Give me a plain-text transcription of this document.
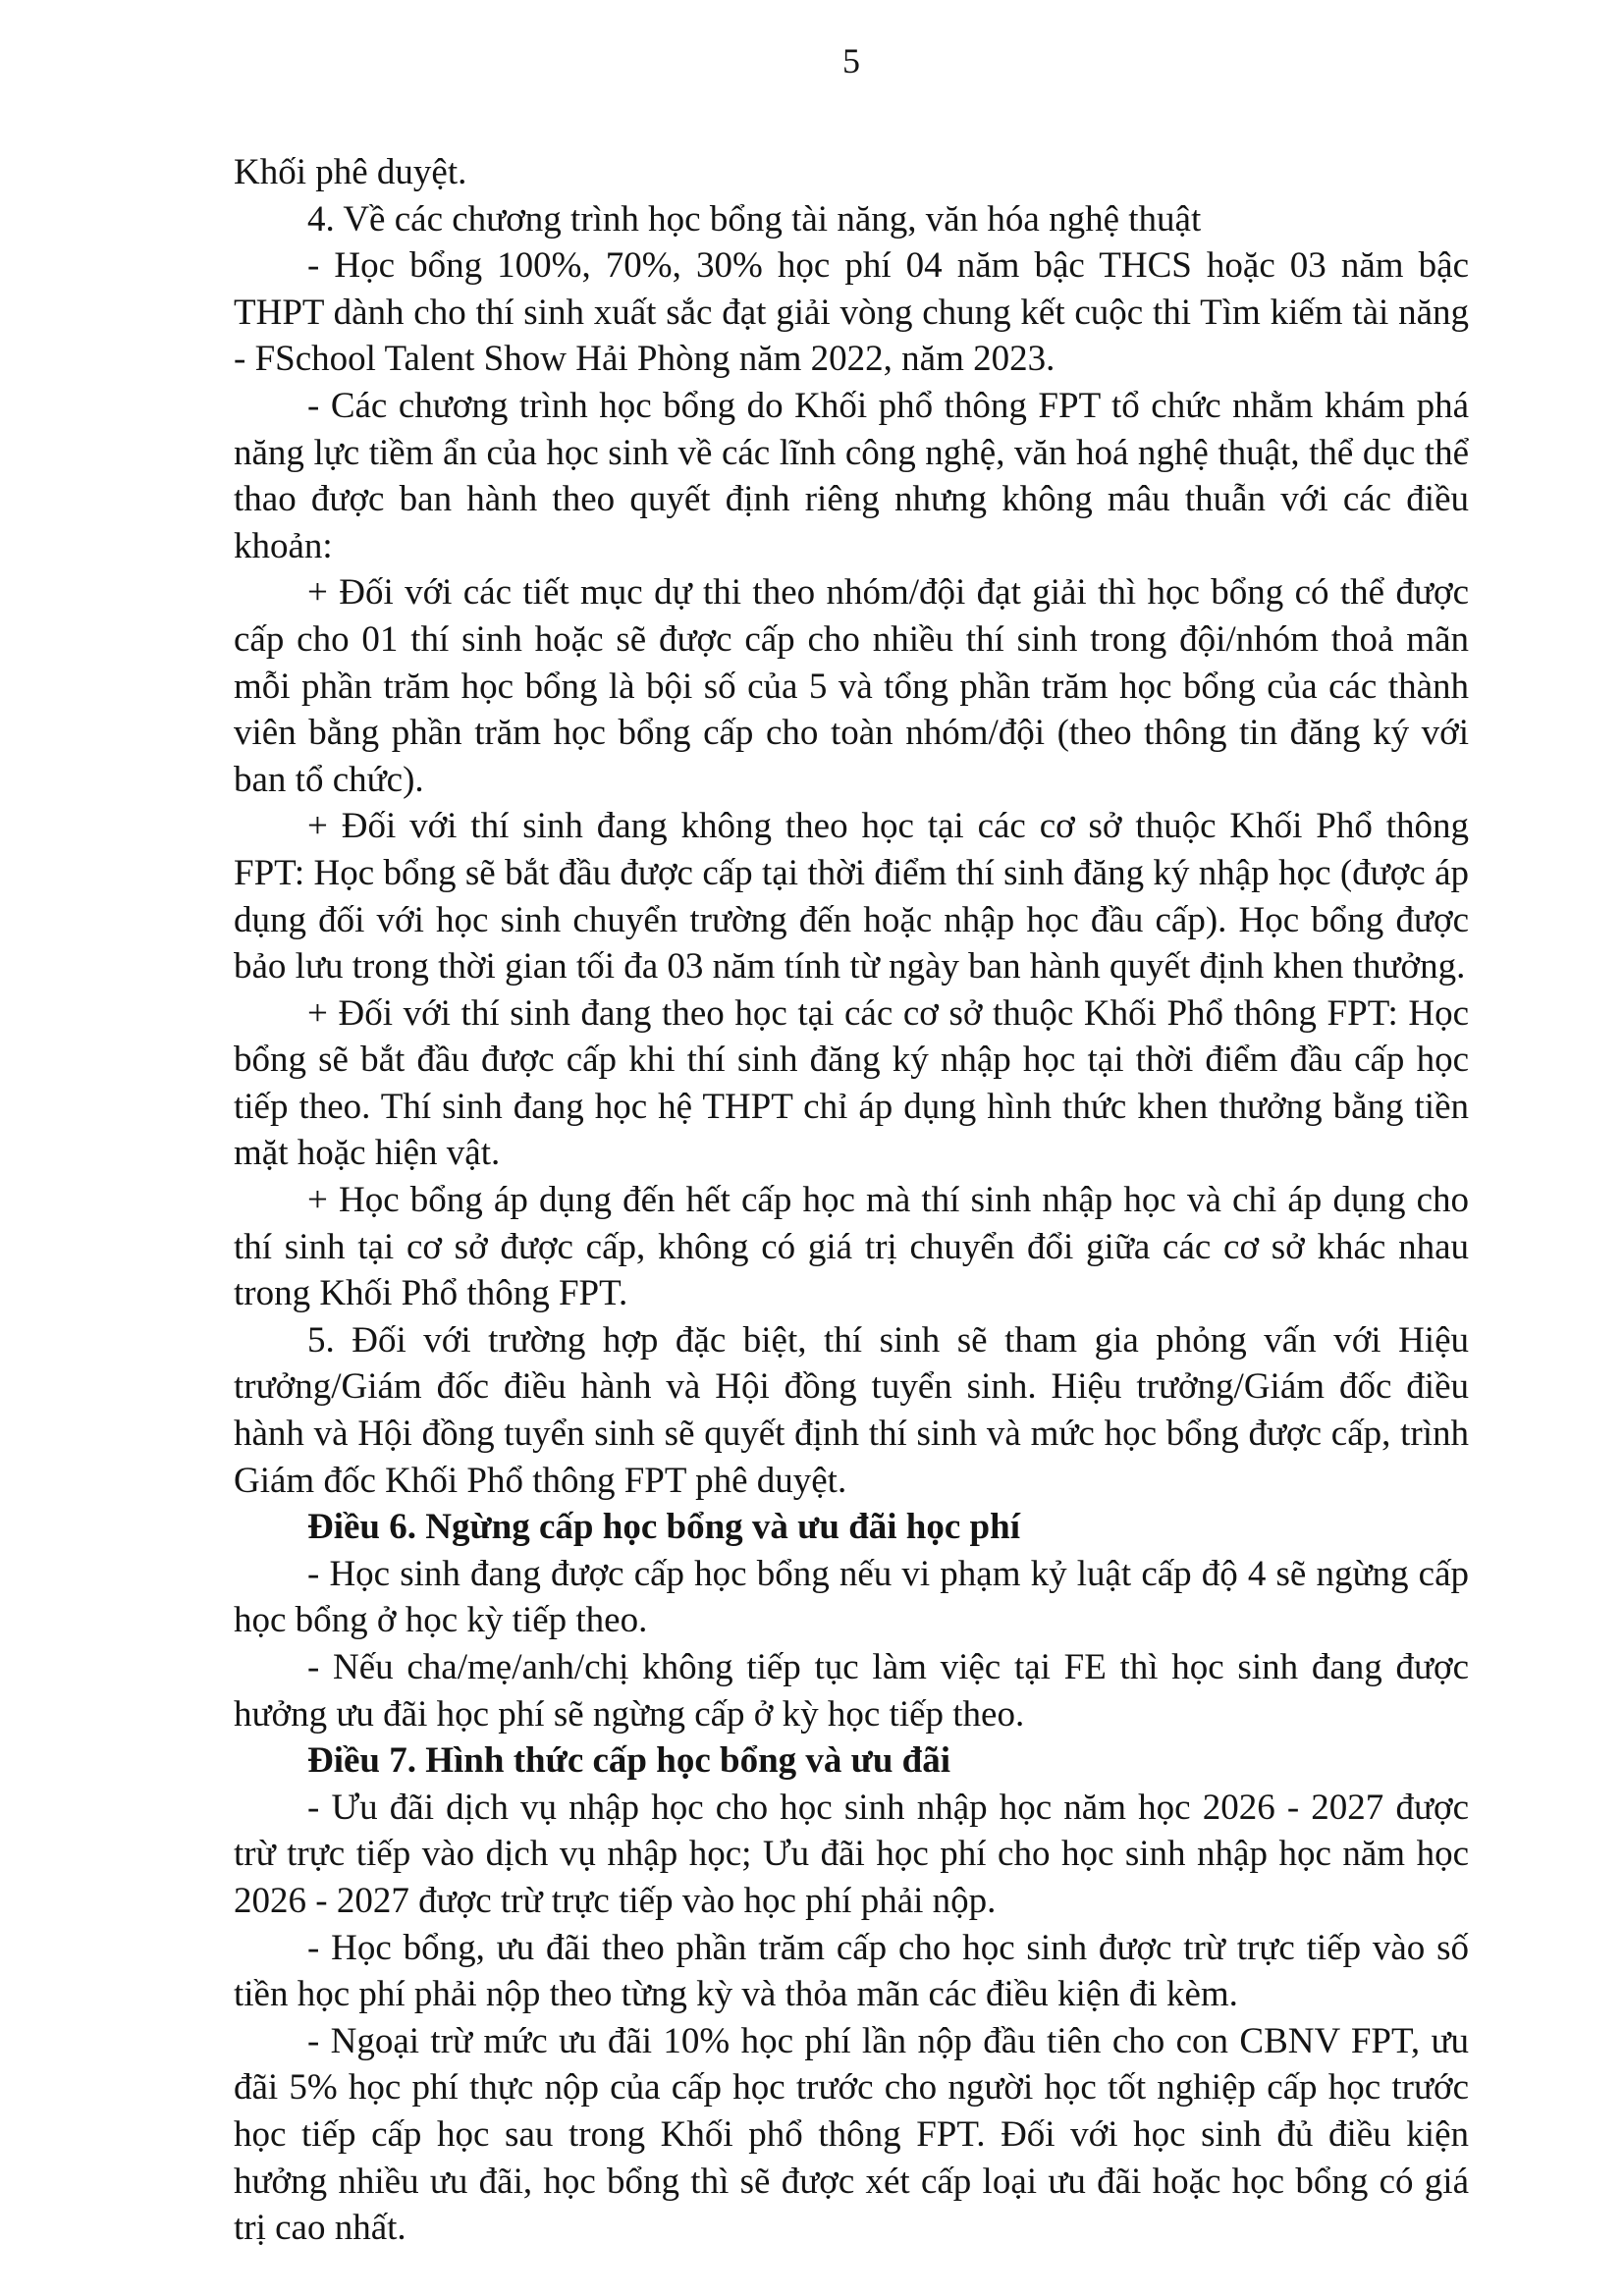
5

Khối phê duyệt.

4. Về các chương trình học bổng tài năng, văn hóa nghệ thuật

- Học bổng 100%, 70%, 30% học phí 04 năm bậc THCS hoặc 03 năm bậc THPT dành cho thí sinh xuất sắc đạt giải vòng chung kết cuộc thi Tìm kiếm tài năng - FSchool Talent Show Hải Phòng năm 2022, năm 2023.

- Các chương trình học bổng do Khối phổ thông FPT tổ chức nhằm khám phá năng lực tiềm ẩn của học sinh về các lĩnh công nghệ, văn hoá nghệ thuật, thể dục thể thao được ban hành theo quyết định riêng nhưng không mâu thuẫn với các điều khoản:

+ Đối với các tiết mục dự thi theo nhóm/đội đạt giải thì học bổng có thể được cấp cho 01 thí sinh hoặc sẽ được cấp cho nhiều thí sinh trong đội/nhóm thoả mãn mỗi phần trăm học bổng là bội số của 5 và tổng phần trăm học bổng của các thành viên bằng phần trăm học bổng cấp cho toàn nhóm/đội (theo thông tin đăng ký với ban tổ chức).

+ Đối với thí sinh đang không theo học tại các cơ sở thuộc Khối Phổ thông FPT: Học bổng sẽ bắt đầu được cấp tại thời điểm thí sinh đăng ký nhập học (được áp dụng đối với học sinh chuyển trường đến hoặc nhập học đầu cấp). Học bổng được bảo lưu trong thời gian tối đa 03 năm tính từ ngày ban hành quyết định khen thưởng.

+ Đối với thí sinh đang theo học tại các cơ sở thuộc Khối Phổ thông FPT: Học bổng sẽ bắt đầu được cấp khi thí sinh đăng ký nhập học tại thời điểm đầu cấp học tiếp theo. Thí sinh đang học hệ THPT chỉ áp dụng hình thức khen thưởng bằng tiền mặt hoặc hiện vật.

+ Học bổng áp dụng đến hết cấp học mà thí sinh nhập học và chỉ áp dụng cho thí sinh tại cơ sở được cấp, không có giá trị chuyển đổi giữa các cơ sở khác nhau trong Khối Phổ thông FPT.

5. Đối với trường hợp đặc biệt, thí sinh sẽ tham gia phỏng vấn với Hiệu trưởng/Giám đốc điều hành và Hội đồng tuyển sinh. Hiệu trưởng/Giám đốc điều hành và Hội đồng tuyển sinh sẽ quyết định thí sinh và mức học bổng được cấp, trình Giám đốc Khối Phổ thông FPT phê duyệt.

Điều 6. Ngừng cấp học bổng và ưu đãi học phí

- Học sinh đang được cấp học bổng nếu vi phạm kỷ luật cấp độ 4 sẽ ngừng cấp học bổng ở học kỳ tiếp theo.

- Nếu cha/mẹ/anh/chị không tiếp tục làm việc tại FE thì học sinh đang được hưởng ưu đãi học phí sẽ ngừng cấp ở kỳ học tiếp theo.

Điều 7. Hình thức cấp học bổng và ưu đãi

- Ưu đãi dịch vụ nhập học cho học sinh nhập học năm học 2026 - 2027 được trừ trực tiếp vào dịch vụ nhập học; Ưu đãi học phí cho học sinh nhập học năm học 2026 - 2027 được trừ trực tiếp vào học phí phải nộp.

- Học bổng, ưu đãi theo phần trăm cấp cho học sinh được trừ trực tiếp vào số tiền học phí phải nộp theo từng kỳ và thỏa mãn các điều kiện đi kèm.

- Ngoại trừ mức ưu đãi 10% học phí lần nộp đầu tiên cho con CBNV FPT, ưu đãi 5% học phí thực nộp của cấp học trước cho người học tốt nghiệp cấp học trước học tiếp cấp học sau trong Khối phổ thông FPT. Đối với học sinh đủ điều kiện hưởng nhiều ưu đãi, học bổng thì sẽ được xét cấp loại ưu đãi hoặc học bổng có giá trị cao nhất.
